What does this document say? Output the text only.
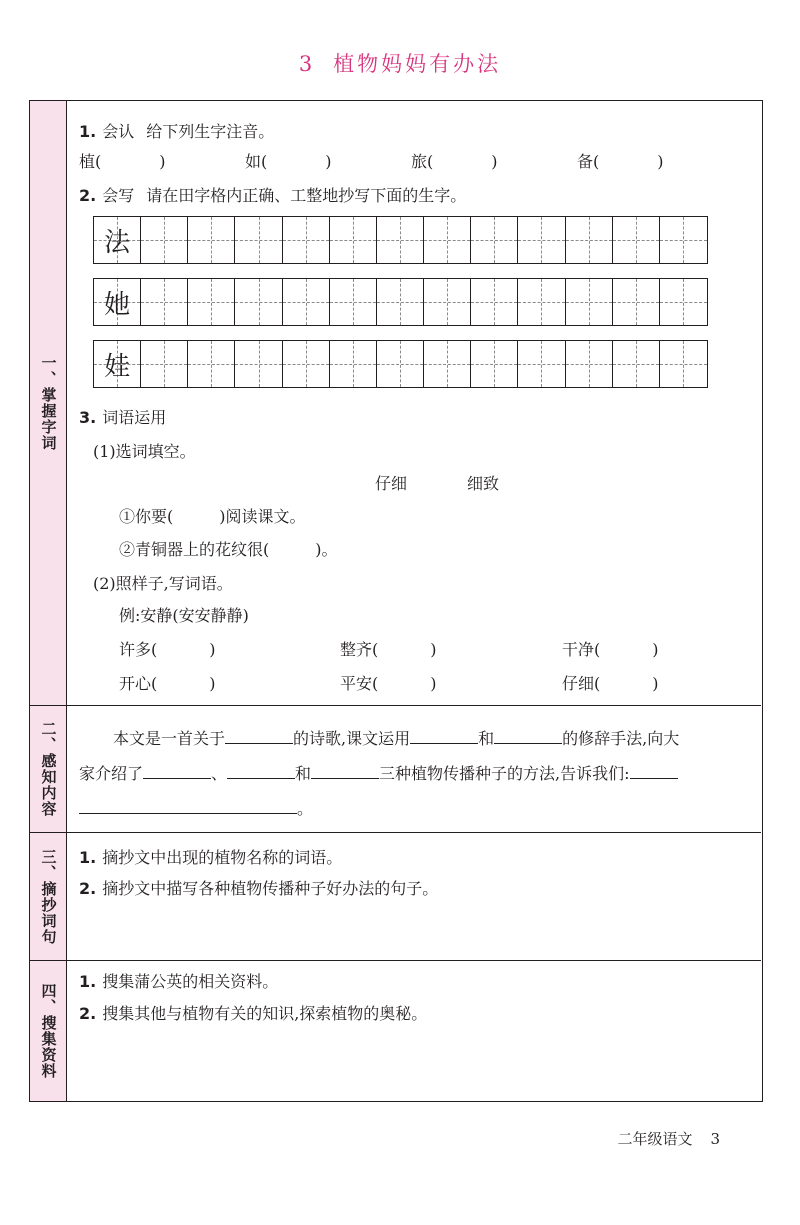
3 植物妈妈有办法
一、掌握字词
1. 会认 给下列生字注音。
植(	)	如(	)	旅(	)	备(	)
2. 会写 请在田字格内正确、工整地抄写下面的生字。
法
她
娃
3. 词语运用
(1)选词填空。
仔细	细致
①你要(	)阅读课文。
②青铜器上的花纹很(	)。
(2)照样子,写词语。
例:安静(安安静静)
许多(	)	整齐(	)	干净(	)
开心(	)	平安(	)	仔细(	)
二、感知内容	本文是一首关于	的诗歌,课文运用	和	的修辞手法,向大
家介绍了	、	和	三种植物传播种子的方法,告诉我们:
。
三、摘抄词句 1. 摘抄文中出现的植物名称的词语。
2. 摘抄文中描写各种植物传播种子好办法的句子。
四、搜集资料
1. 搜集蒲公英的相关资料。
2. 搜集其他与植物有关的知识,探索植物的奥秘。
二年级语文 3
